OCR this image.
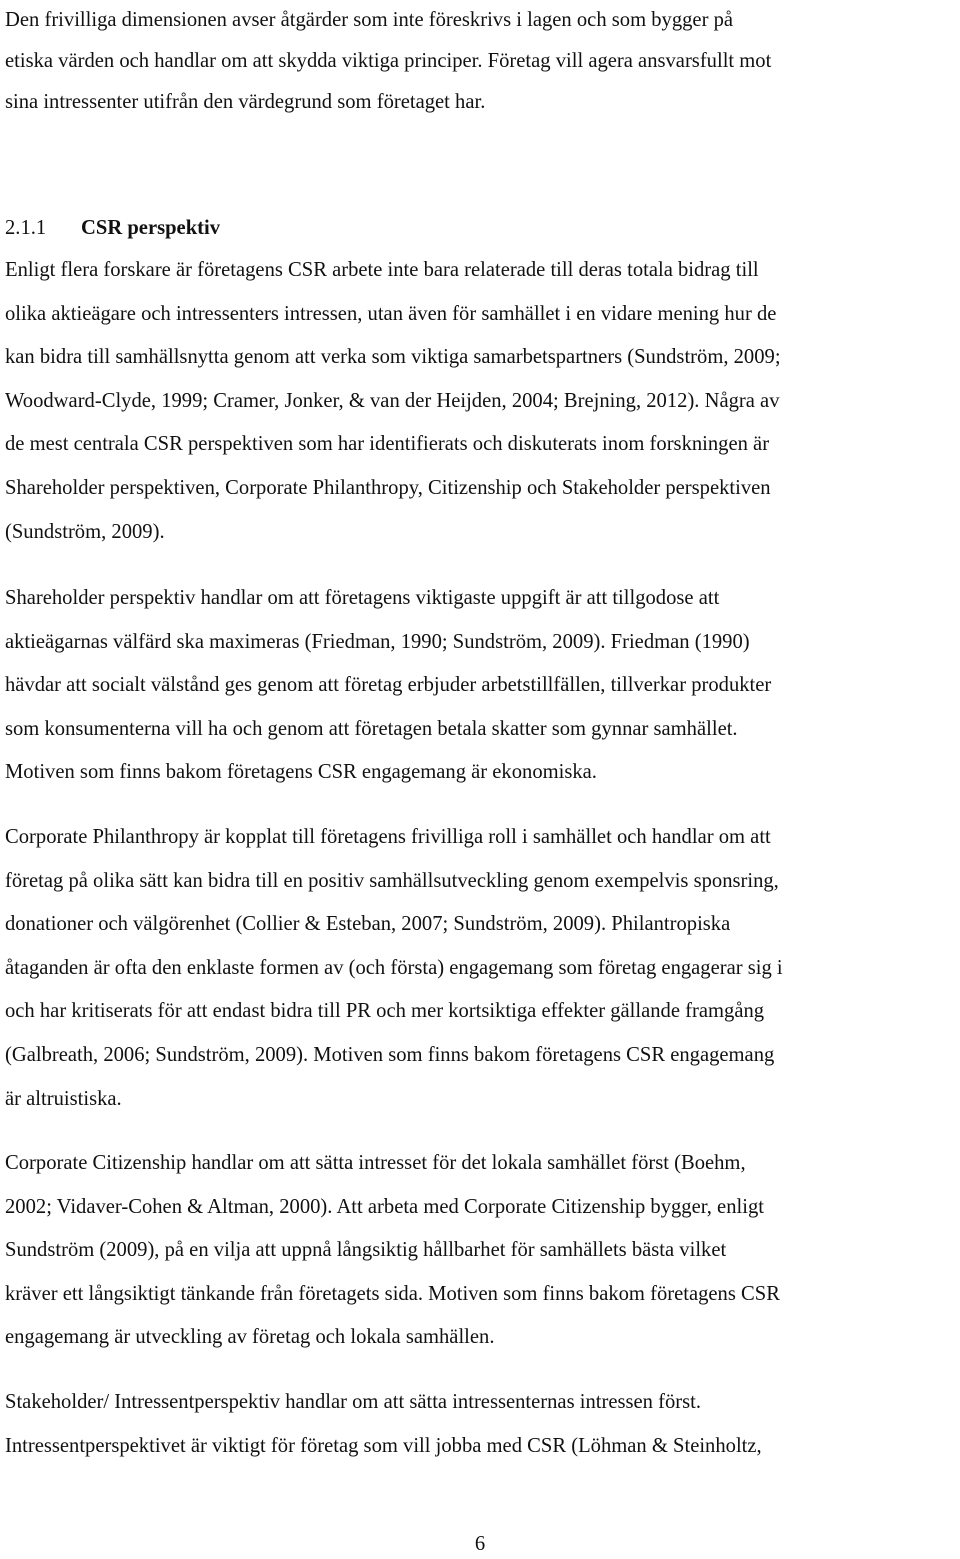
Den frivilliga dimensionen avser åtgärder som inte föreskrivs i lagen och som bygger på
etiska värden och handlar om att skydda viktiga principer. Företag vill agera ansvarsfullt mot
sina intressenter utifrån den värdegrund som företaget har.

2.1.1 CSR perspektiv

Enligt flera forskare är företagens CSR arbete inte bara relaterade till deras totala bidrag till
olika aktieägare och intressenters intressen, utan även för samhället i en vidare mening hur de
kan bidra till samhällsnytta genom att verka som viktiga samarbetspartners (Sundström, 2009;
Woodward-Clyde, 1999; Cramer, Jonker, & van der Heijden, 2004; Brejning, 2012). Några av
de mest centrala CSR perspektiven som har identifierats och diskuterats inom forskningen är
Shareholder perspektiven, Corporate Philanthropy, Citizenship och Stakeholder perspektiven
(Sundström, 2009).

Shareholder perspektiv handlar om att företagens viktigaste uppgift är att tillgodose att
aktieägarnas välfärd ska maximeras (Friedman, 1990; Sundström, 2009). Friedman (1990)
hävdar att socialt välstånd ges genom att företag erbjuder arbetstillfällen, tillverkar produkter
som konsumenterna vill ha och genom att företagen betala skatter som gynnar samhället.
Motiven som finns bakom företagens CSR engagemang är ekonomiska.

Corporate Philanthropy är kopplat till företagens frivilliga roll i samhället och handlar om att
företag på olika sätt kan bidra till en positiv samhällsutveckling genom exempelvis sponsring,
donationer och välgörenhet (Collier & Esteban, 2007; Sundström, 2009). Philantropiska
åtaganden är ofta den enklaste formen av (och första) engagemang som företag engagerar sig i
och har kritiserats för att endast bidra till PR och mer kortsiktiga effekter gällande framgång
(Galbreath, 2006; Sundström, 2009). Motiven som finns bakom företagens CSR engagemang
är altruistiska.

Corporate Citizenship handlar om att sätta intresset för det lokala samhället först (Boehm,
2002; Vidaver-Cohen & Altman, 2000). Att arbeta med Corporate Citizenship bygger, enligt
Sundström (2009), på en vilja att uppnå långsiktig hållbarhet för samhällets bästa vilket
kräver ett långsiktigt tänkande från företagets sida. Motiven som finns bakom företagens CSR
engagemang är utveckling av företag och lokala samhällen.

Stakeholder/ Intressentperspektiv handlar om att sätta intressenternas intressen först.
Intressentperspektivet är viktigt för företag som vill jobba med CSR (Löhman & Steinholtz,

6
